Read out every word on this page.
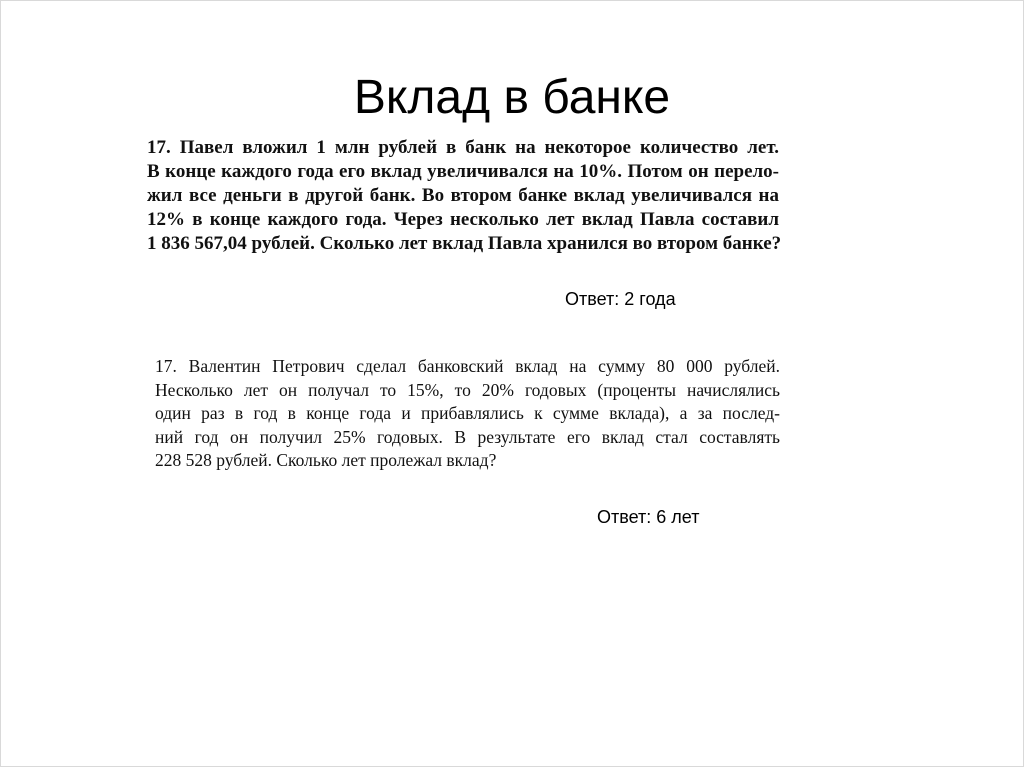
Вклад в банке
17. Павел вложил 1 млн рублей в банк на некоторое количество лет.
В конце каждого года его вклад увеличивался на 10%. Потом он перело-
жил все деньги в другой банк. Во втором банке вклад увеличивался на
12% в конце каждого года. Через несколько лет вклад Павла составил
1 836 567,04 рублей. Сколько лет вклад Павла хранился во втором банке?
Ответ: 2 года
17. Валентин Петрович сделал банковский вклад на сумму 80 000 рублей.
Несколько лет он получал то 15%, то 20% годовых (проценты начислялись
один раз в год в конце года и прибавлялись к сумме вклада), а за послед-
ний год он получил 25% годовых. В результате его вклад стал составлять
228 528 рублей. Сколько лет пролежал вклад?
Ответ: 6 лет
